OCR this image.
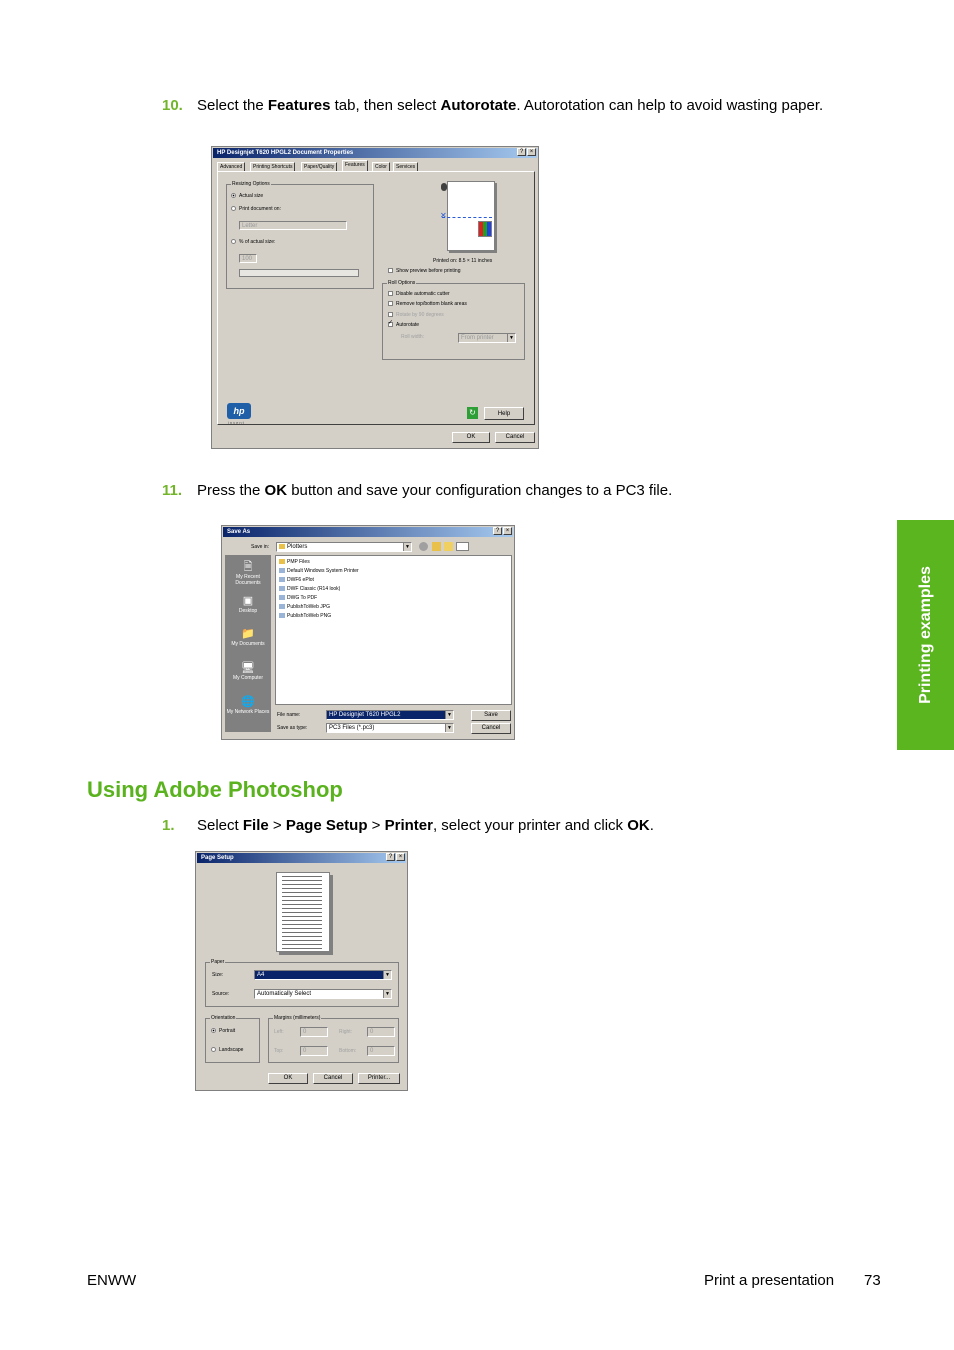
10. Select the Features tab, then select Autorotate. Autorotation can help to avoid wasting paper.
HP Designjet T620 HPGL2 Document Properties	?	×
Advanced	Printing Shortcuts	Paper/Quality	Features	Color	Services
Resizing Options
Actual size
Print document on:
Letter
% of actual size:
100
✕
Printed on: 8.5 × 11 inches
Show preview before printing
Roll Options
Disable automatic cutter
Remove top/bottom blank areas
Rotate by 90 degrees
✓Autorotate
Roll width:	From printer	▼
hp
invent
↻	Help
OK	Cancel
11. Press the OK button and save your configuration changes to a PC3 file.
Save As	?	×
Save in:	Plotters	▼
🗎
My Recent Documents
▣
Desktop
📁
My Documents
🖥
My Computer
🌐
My Network Places
PMP Files
Default Windows System Printer
DWF6 ePlot
DWF Classic (R14 look)
DWG To PDF
PublishToWeb JPG
PublishToWeb PNG
File name:	HP Designjet T620 HPGL2	▼
Save as type:	PC3 Files (*.pc3)	▼
Save
Cancel
Printing examples
Using Adobe Photoshop
1. Select File > Page Setup > Printer, select your printer and click OK.
Page Setup	?	×
Paper
Size:	A4	▼
Source:	Automatically Select	▼
Orientation
Portrait
Landscape
Margins (millimeters)
Left:	0	Right:	0
Top:	0	Bottom:	0
OK	Cancel	Printer...
ENWW	Print a presentation 73
